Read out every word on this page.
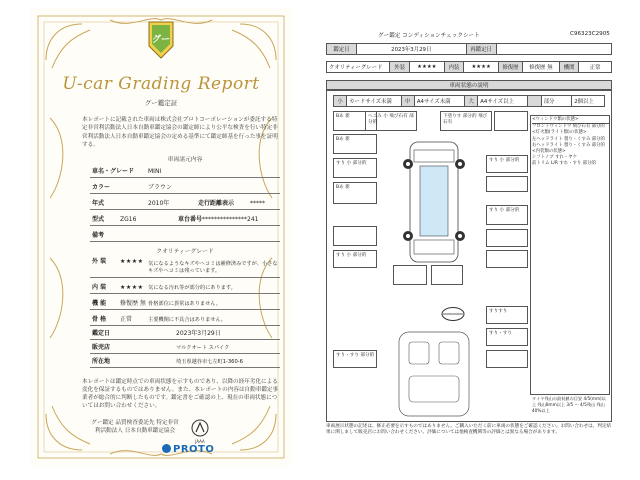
グー
U-car Grading Report
グー鑑定証
本レポートに記載された車両は株式会社プロトコーポレーションが委託する特定非営利活動法人日本自動車鑑定協会の鑑定師により公平な検査を行い特定非営利活動法人日本自動車鑑定協会の定める基準にて鑑定師基を行った事を証明する。
車両諸元内容
車名・グレード MINI
カラー	ブラウン
年式	2010年	走行距離表示	*****
型式	ZG16	車台番号 ***************241
備考
クオリティーグレード
外 装 ★★★★ 気になるようなキズやヘコミは補修済みですが、小さなキズやヘコミは残っています。
内 装 ★★★★ 気になる汚れ等が部分的にあります。
機 能 修復歴 無 骨格部位に異常はありません。
骨 格 正常	主要機関に不具合はありません。
鑑定日	2023年3月29日
販売店	マルクオート スパイク
所在地	埼玉県越谷市七左町1-360-6
本レポートは鑑定時点での車両状態を示すものであり、以降の経年劣化による変化を保証するものではありません。また、本レポートの内容は自動車鑑定事業者が総合的に判断したものです。鑑定書をご確認の上、現在の車両状態についてはお問い合わせください。
グー鑑定 品質検査委託先 特定非営利活動法人 日本自動車鑑定協会
JAAA
PROTO
グー鑑定 コンディションチェックシート	C96323C2905
鑑定日	2023年3月29日	再鑑定日	
クオリティーグレード	外装	★★★★	内装	★★★★	修復歴	修復歴 無	機関	正常
車両状態の説明
小	カードサイズ未満	中	A4サイズ未満	大	A4サイズ以上		部分	2個以上
Bあ 新	へこみ 小 飛び石有 部分的
下塗りす 部分的 飛び石有
Bあ 新
すり 小 部分的
すり 小 部分的
Bあ 新
すり 小 部分的
すり 小 部分的
すりすり
すり・すり
すり・すり 部分的
<ウィンドウ類の状態>
フロントウィンドウ 飛び石有 部分的
<灯火類(ライト類)の状態>
左ヘッドライト 曇り・くすみ 部分的
右ヘッドライト 曇り・くすみ 部分的
<内装類の状態>
シフトノブ すれ・ヤケ
前トリム L/R すれ・すり 部分的
タイヤ残山の最低値の目安 4/5(mm)以上 残山8mm以上 3/5 〜 4/5残山 残山40%以上
車両展示状態の記述は、修正必要を示すものではありません。ご購入いただく前に車両の状態をご確認ください。お問い合わせは、判定結果に関しまして販売店にお問い合わせください。評価については他検査機関等の評価とは異なる場合があります。
